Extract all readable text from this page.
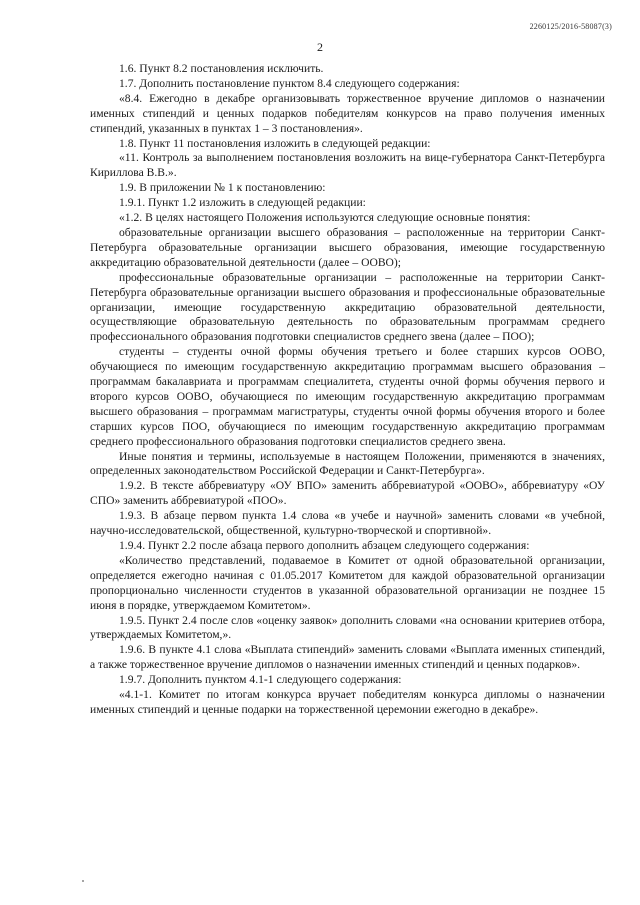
2260125/2016-58087(3)
2

1.6. Пункт 8.2 постановления исключить.

1.7. Дополнить постановление пунктом 8.4 следующего содержания:

«8.4. Ежегодно в декабре организовывать торжественное вручение дипломов о назначении именных стипендий и ценных подарков победителям конкурсов на право получения именных стипендий, указанных в пунктах 1 – 3 постановления».

1.8. Пункт 11 постановления изложить в следующей редакции:

«11. Контроль за выполнением постановления возложить на вице-губернатора Санкт-Петербурга Кириллова В.В.».

1.9. В приложении № 1 к постановлению:

1.9.1. Пункт 1.2 изложить в следующей редакции:

«1.2. В целях настоящего Положения используются следующие основные понятия:

образовательные организации высшего образования – расположенные на территории Санкт-Петербурга образовательные организации высшего образования, имеющие государственную аккредитацию образовательной деятельности (далее – ООВО);

профессиональные образовательные организации – расположенные на территории Санкт-Петербурга образовательные организации высшего образования и профессиональные образовательные организации, имеющие государственную аккредитацию образовательной деятельности, осуществляющие образовательную деятельность по образовательным программам среднего профессионального образования подготовки специалистов среднего звена (далее – ПОО);

студенты – студенты очной формы обучения третьего и более старших курсов ООВО, обучающиеся по имеющим государственную аккредитацию программам высшего образования – программам бакалавриата и программам специалитета, студенты очной формы обучения первого и второго курсов ООВО, обучающиеся по имеющим государственную аккредитацию программам высшего образования – программам магистратуры, студенты очной формы обучения второго и более старших курсов ПОО, обучающиеся по имеющим государственную аккредитацию программам среднего профессионального образования подготовки специалистов среднего звена.

Иные понятия и термины, используемые в настоящем Положении, применяются в значениях, определенных законодательством Российской Федерации и Санкт-Петербурга».

1.9.2. В тексте аббревиатуру «ОУ ВПО» заменить аббревиатурой «ООВО», аббревиатуру «ОУ СПО» заменить аббревиатурой «ПОО».

1.9.3. В абзаце первом пункта 1.4 слова «в учебе и научной» заменить словами «в учебной, научно-исследовательской, общественной, культурно-творческой и спортивной».

1.9.4. Пункт 2.2 после абзаца первого дополнить абзацем следующего содержания:

«Количество представлений, подаваемое в Комитет от одной образовательной организации, определяется ежегодно начиная с 01.05.2017 Комитетом для каждой образовательной организации пропорционально численности студентов в указанной образовательной организации не позднее 15 июня в порядке, утверждаемом Комитетом».

1.9.5. Пункт 2.4 после слов «оценку заявок» дополнить словами «на основании критериев отбора, утверждаемых Комитетом,».

1.9.6. В пункте 4.1 слова «Выплата стипендий» заменить словами «Выплата именных стипендий, а также торжественное вручение дипломов о назначении именных стипендий и ценных подарков».

1.9.7. Дополнить пунктом 4.1-1 следующего содержания:

«4.1-1. Комитет по итогам конкурса вручает победителям конкурса дипломы о назначении именных стипендий и ценные подарки на торжественной церемонии ежегодно в декабре».
